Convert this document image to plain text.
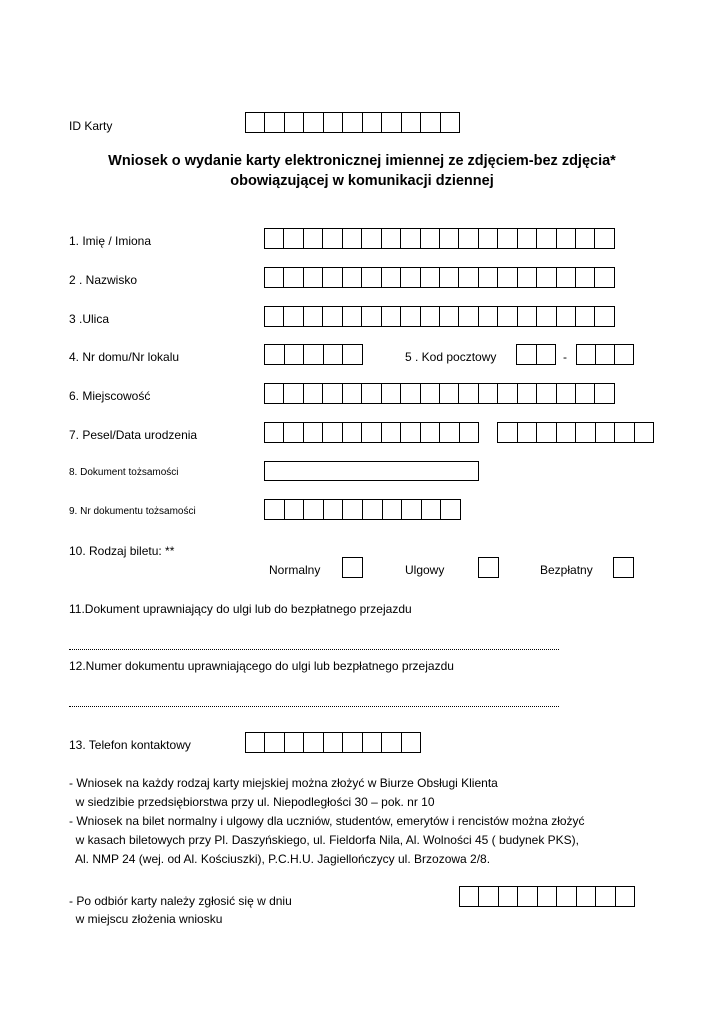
ID Karty
Wniosek o wydanie karty elektronicznej imiennej ze zdjęciem-bez zdjęcia*
obowiązującej w komunikacji dziennej
1. Imię / Imiona
2 . Nazwisko
3 .Ulica
4. Nr domu/Nr lokalu	5 . Kod pocztowy	-
6. Miejscowość
7. Pesel/Data urodzenia
8. Dokument tożsamości
9. Nr dokumentu tożsamości
10. Rodzaj biletu: **
Normalny	Ulgowy	Bezpłatny
11.Dokument uprawniający do ulgi lub do bezpłatnego przejazdu
12.Numer dokumentu uprawniającego do ulgi lub bezpłatnego przejazdu
13. Telefon kontaktowy
- Wniosek na każdy rodzaj karty miejskiej można złożyć w Biurze Obsługi Klienta
w siedzibie przedsiębiorstwa przy ul. Niepodległości 30 – pok. nr 10
- Wniosek na bilet normalny i ulgowy dla uczniów, studentów, emerytów i rencistów można złożyć
w kasach biletowych przy Pl. Daszyńskiego, ul. Fieldorfa Nila, Al. Wolności 45 ( budynek PKS),
Al. NMP 24 (wej. od Al. Kościuszki), P.C.H.U. Jagiellończycy ul. Brzozowa 2/8.
- Po odbiór karty należy zgłosić się w dniu
w miejscu złożenia wniosku
